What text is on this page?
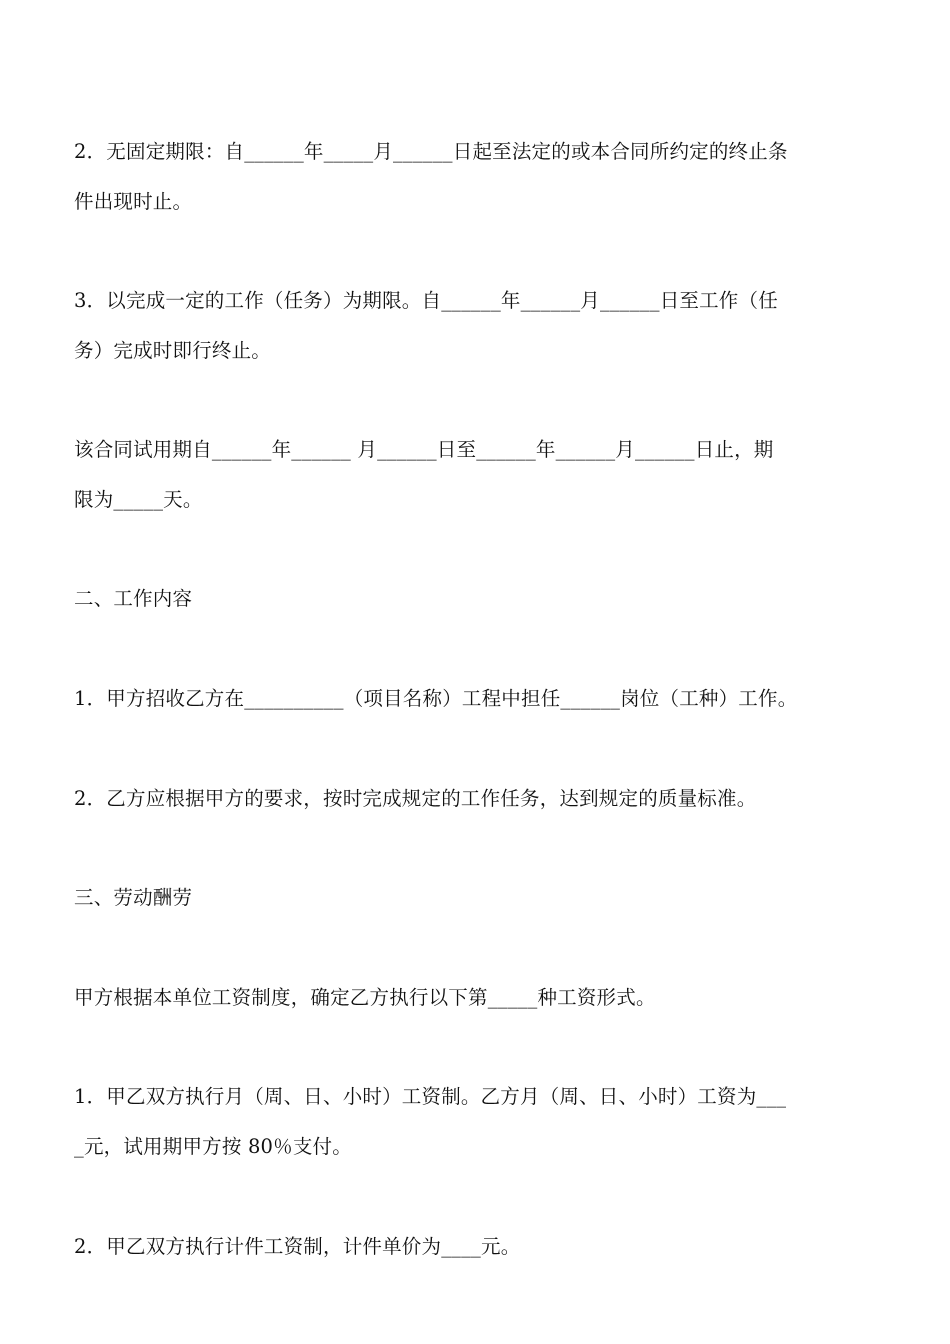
2．无固定期限：自______年_____月______日起至法定的或本合同所约定的终止条
件出现时止。
3．以完成一定的工作（任务）为期限。自______年______月______日至工作（任
务）完成时即行终止。
该合同试用期自______年______ 月______日至______年______月______日止，期
限为_____天。
二、工作内容
1．甲方招收乙方在__________（项目名称）工程中担任______岗位（工种）工作。
2．乙方应根据甲方的要求，按时完成规定的工作任务，达到规定的质量标准。
三、劳动酬劳
甲方根据本单位工资制度，确定乙方执行以下第_____种工资形式。
1．甲乙双方执行月（周、日、小时）工资制。乙方月（周、日、小时）工资为___
_元，试用期甲方按 80％支付。
2．甲乙双方执行计件工资制，计件单价为____元。
